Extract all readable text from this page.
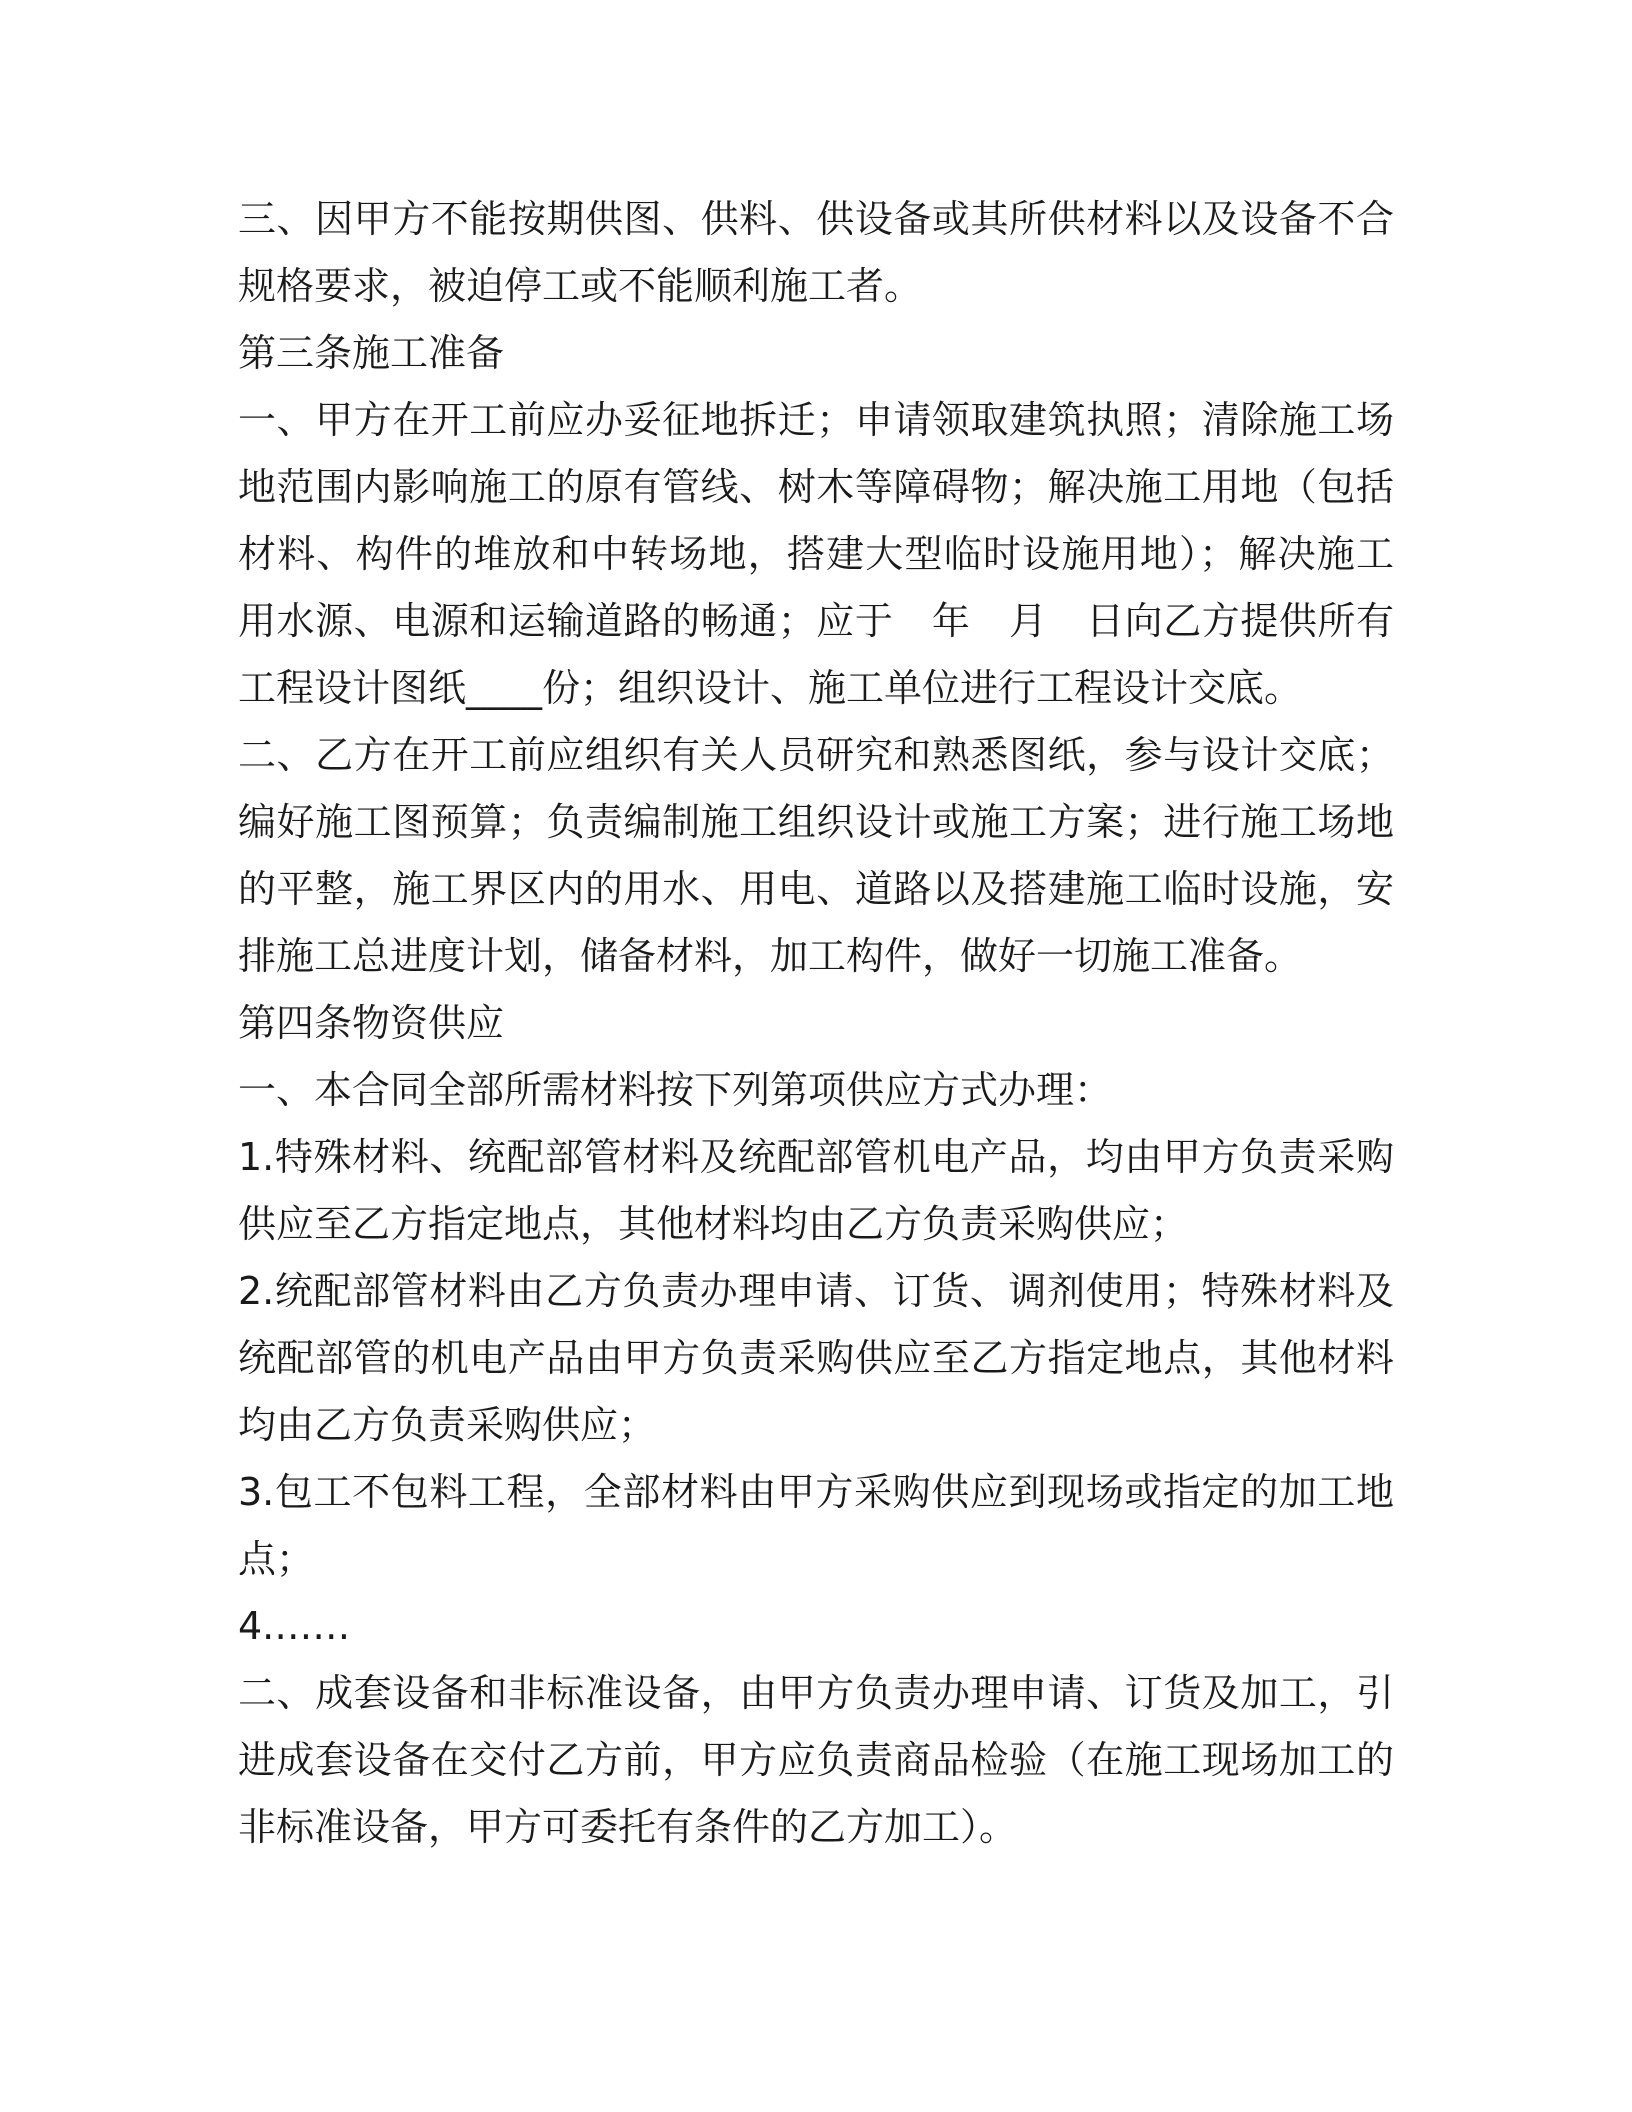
三、因甲方不能按期供图、供料、供设备或其所供材料以及设备不合规格要求，被迫停工或不能顺利施工者。

第三条施工准备

一、甲方在开工前应办妥征地拆迁；申请领取建筑执照；清除施工场地范围内影响施工的原有管线、树木等障碍物；解决施工用地（包括材料、构件的堆放和中转场地，搭建大型临时设施用地）；解决施工用水源、电源和运输道路的畅通；应于　年　月　日向乙方提供所有工程设计图纸____份；组织设计、施工单位进行工程设计交底。

二、乙方在开工前应组织有关人员研究和熟悉图纸，参与设计交底；编好施工图预算；负责编制施工组织设计或施工方案；进行施工场地的平整，施工界区内的用水、用电、道路以及搭建施工临时设施，安排施工总进度计划，储备材料，加工构件，做好一切施工准备。

第四条物资供应

一、本合同全部所需材料按下列第项供应方式办理：

1.特殊材料、统配部管材料及统配部管机电产品，均由甲方负责采购供应至乙方指定地点，其他材料均由乙方负责采购供应；

2.统配部管材料由乙方负责办理申请、订货、调剂使用；特殊材料及统配部管的机电产品由甲方负责采购供应至乙方指定地点，其他材料均由乙方负责采购供应；

3.包工不包料工程，全部材料由甲方采购供应到现场或指定的加工地点；

4.……

二、成套设备和非标准设备，由甲方负责办理申请、订货及加工，引进成套设备在交付乙方前，甲方应负责商品检验（在施工现场加工的非标准设备，甲方可委托有条件的乙方加工）。
